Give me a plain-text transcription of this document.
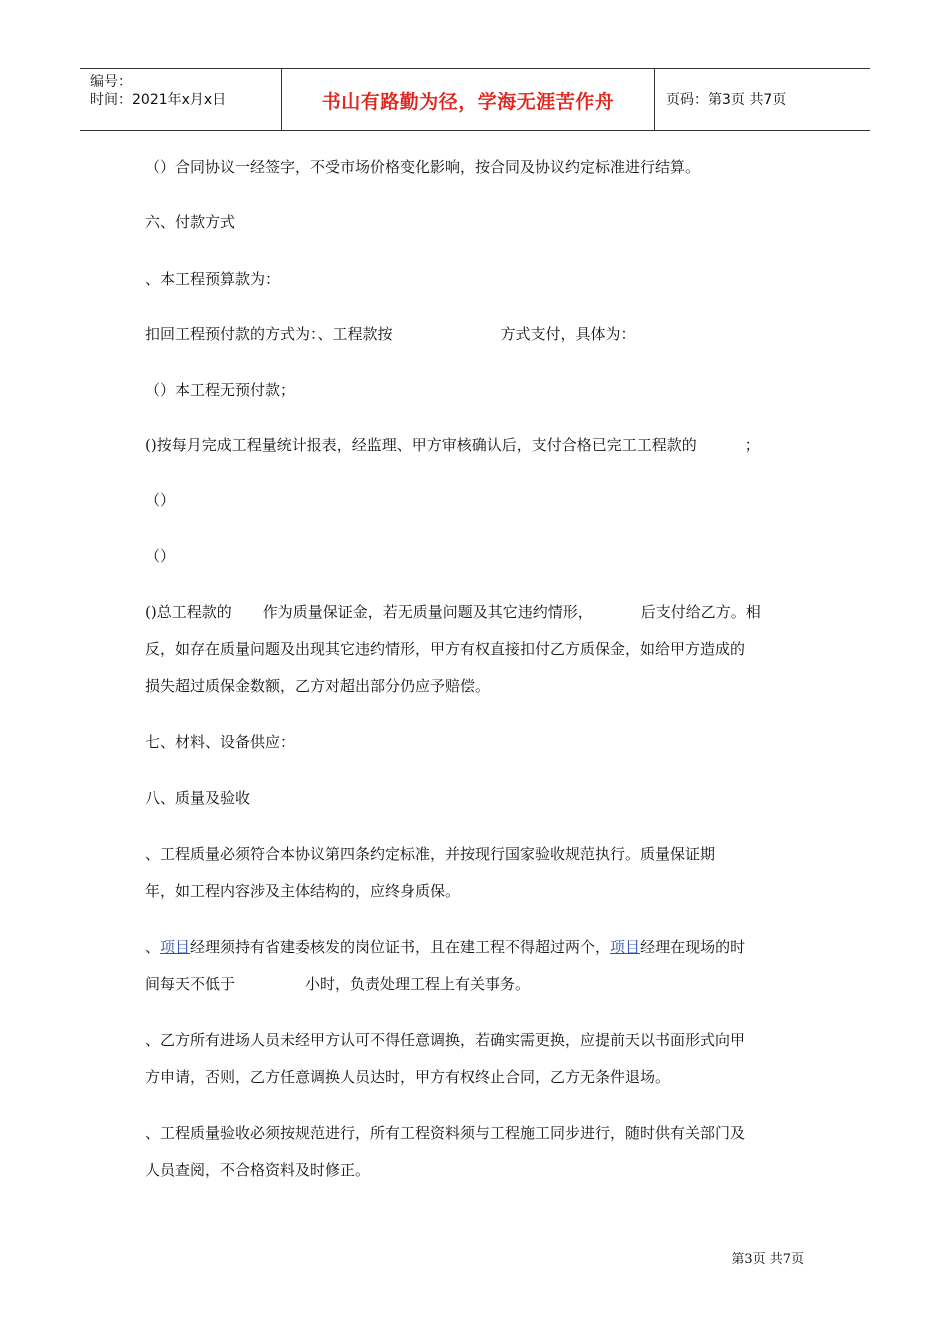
编号：
时间：2021年x月x日	书山有路勤为径，学海无涯苦作舟	页码：第3页 共7页
（）合同协议一经签字，不受市场价格变化影响，按合同及协议约定标准进行结算。
六、付款方式
、本工程预算款为：
扣回工程预付款的方式为：、工程款按	方式支付，具体为：
（）本工程无预付款；
()按每月完成工程量统计报表，经监理、甲方审核确认后，支付合格已完工工程款的	；
（）
（）
()总工程款的 作为质量保证金，若无质量问题及其它违约情形，	后支付给乙方。相
反，如存在质量问题及出现其它违约情形，甲方有权直接扣付乙方质保金，如给甲方造成的
损失超过质保金数额，乙方对超出部分仍应予赔偿。
七、材料、设备供应：
八、质量及验收
、工程质量必须符合本协议第四条约定标准，并按现行国家验收规范执行。质量保证期
年，如工程内容涉及主体结构的，应终身质保。
、项目经理须持有省建委核发的岗位证书，且在建工程不得超过两个，项目经理在现场的时
间每天不低于	小时，负责处理工程上有关事务。
、乙方所有进场人员未经甲方认可不得任意调换，若确实需更换，应提前天以书面形式向甲
方申请，否则，乙方任意调换人员达时，甲方有权终止合同，乙方无条件退场。
、工程质量验收必须按规范进行，所有工程资料须与工程施工同步进行，随时供有关部门及
人员查阅，不合格资料及时修正。
第3页 共7页
